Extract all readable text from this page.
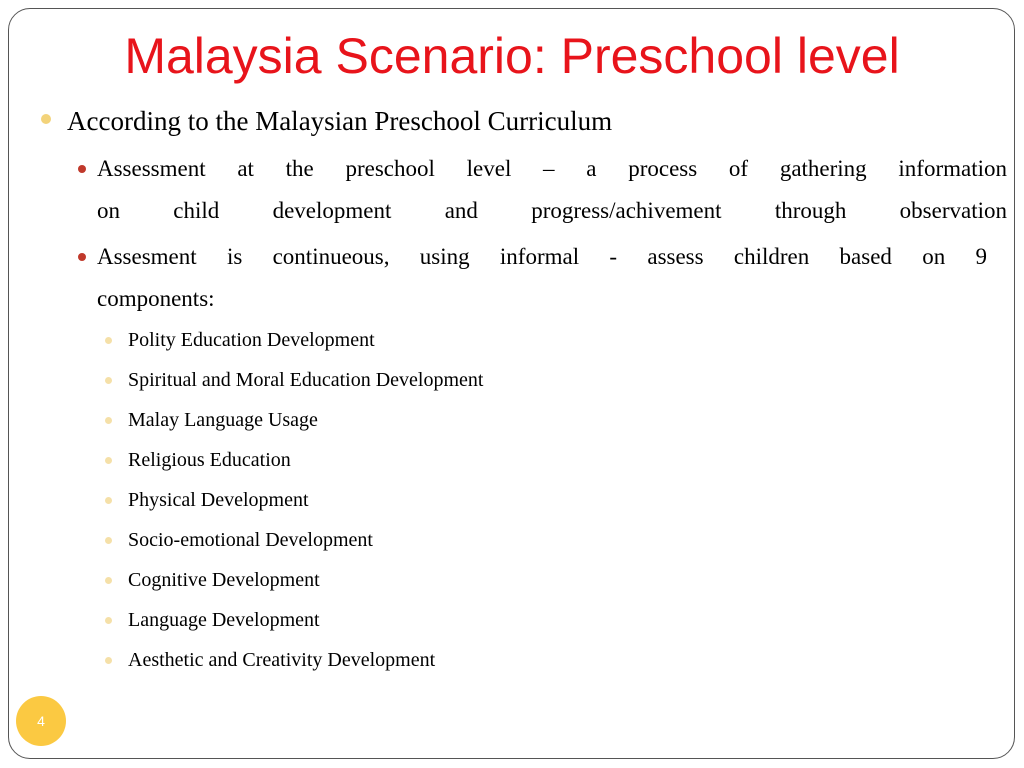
Malaysia Scenario: Preschool level
According to the Malaysian Preschool Curriculum
Assessment at the preschool level – a process of gathering information
on child development and progress/achivement through observation
Assesment is continueous, using informal - assess children based on 9
components:
Polity Education Development
Spiritual and Moral Education Development
Malay Language Usage
Religious Education
Physical Development
Socio-emotional Development
Cognitive Development
Language Development
Aesthetic and Creativity Development
4
